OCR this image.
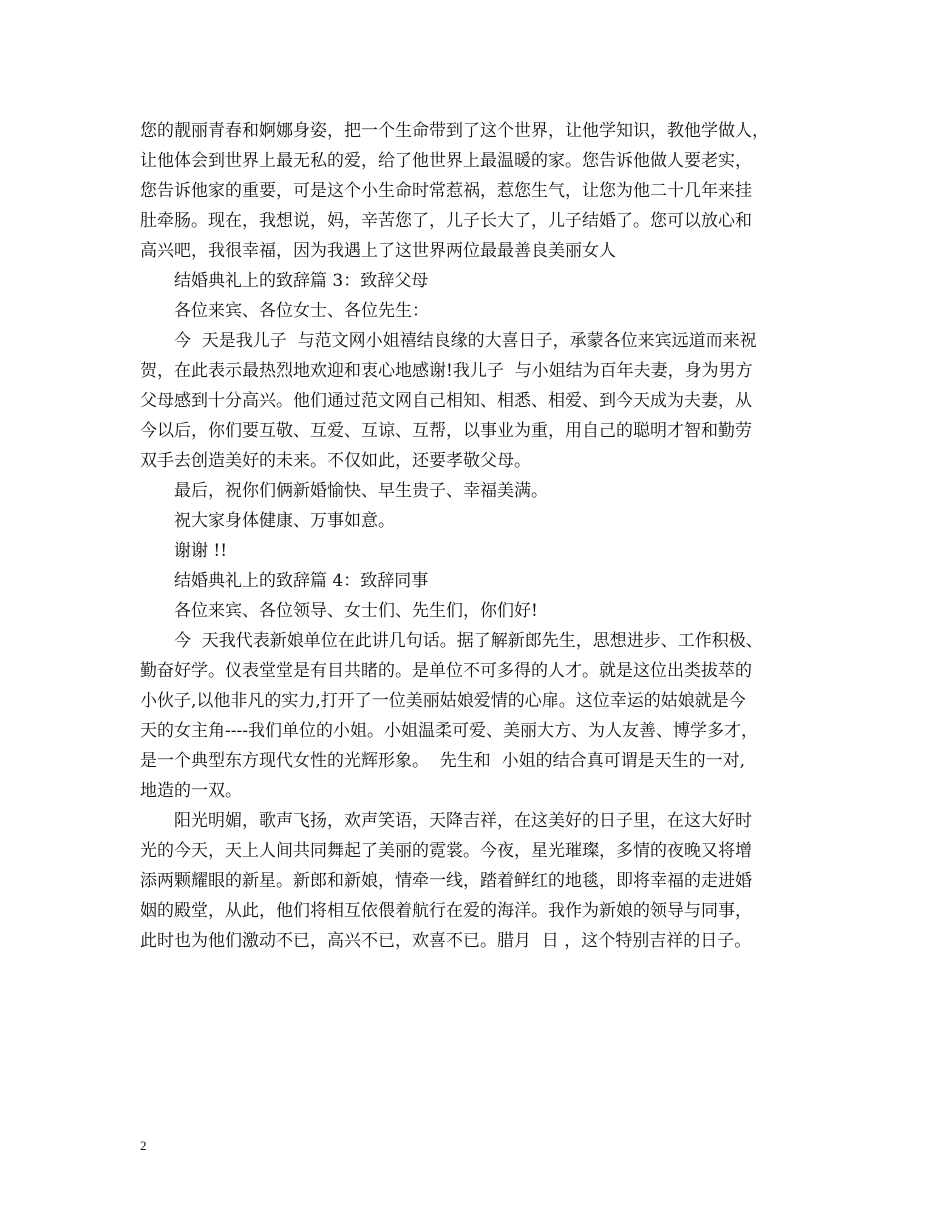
您的靓丽青春和婀娜身姿，把一个生命带到了这个世界，让他学知识，教他学做人，
让他体会到世界上最无私的爱，给了他世界上最温暖的家。您告诉他做人要老实，
您告诉他家的重要，可是这个小生命时常惹祸，惹您生气，让您为他二十几年来挂
肚牵肠。现在，我想说，妈，辛苦您了，儿子长大了，儿子结婚了。您可以放心和
高兴吧，我很幸福，因为我遇上了这世界两位最最善良美丽女人
结婚典礼上的致辞篇 3：致辞父母
各位来宾、各位女士、各位先生：
今  天是我儿子  与范文网小姐禧结良缘的大喜日子，承蒙各位来宾远道而来祝
贺，在此表示最热烈地欢迎和衷心地感谢!我儿子  与小姐结为百年夫妻，身为男方
父母感到十分高兴。他们通过范文网自己相知、相悉、相爱、到今天成为夫妻，从
今以后，你们要互敬、互爱、互谅、互帮，以事业为重，用自己的聪明才智和勤劳
双手去创造美好的未来。不仅如此，还要孝敬父母。
最后，祝你们俩新婚愉快、早生贵子、幸福美满。
祝大家身体健康、万事如意。
谢谢 !!
结婚典礼上的致辞篇 4：致辞同事
各位来宾、各位领导、女士们、先生们，你们好!
今  天我代表新娘单位在此讲几句话。据了解新郎先生，思想进步、工作积极、
勤奋好学。仪表堂堂是有目共睹的。是单位不可多得的人才。就是这位出类拔萃的
小伙子,以他非凡的实力,打开了一位美丽姑娘爱情的心扉。这位幸运的姑娘就是今
天的女主角----我们单位的小姐。小姐温柔可爱、美丽大方、为人友善、博学多才，
是一个典型东方现代女性的光辉形象。  先生和  小姐的结合真可谓是天生的一对,
地造的一双。
阳光明媚，歌声飞扬，欢声笑语，天降吉祥，在这美好的日子里，在这大好时
光的今天，天上人间共同舞起了美丽的霓裳。今夜，星光璀璨，多情的夜晚又将增
添两颗耀眼的新星。新郎和新娘，情牵一线，踏着鲜红的地毯，即将幸福的走进婚
姻的殿堂，从此，他们将相互依偎着航行在爱的海洋。我作为新娘的领导与同事，
此时也为他们激动不已，高兴不已，欢喜不已。腊月  日 ，这个特别吉祥的日子。
2
